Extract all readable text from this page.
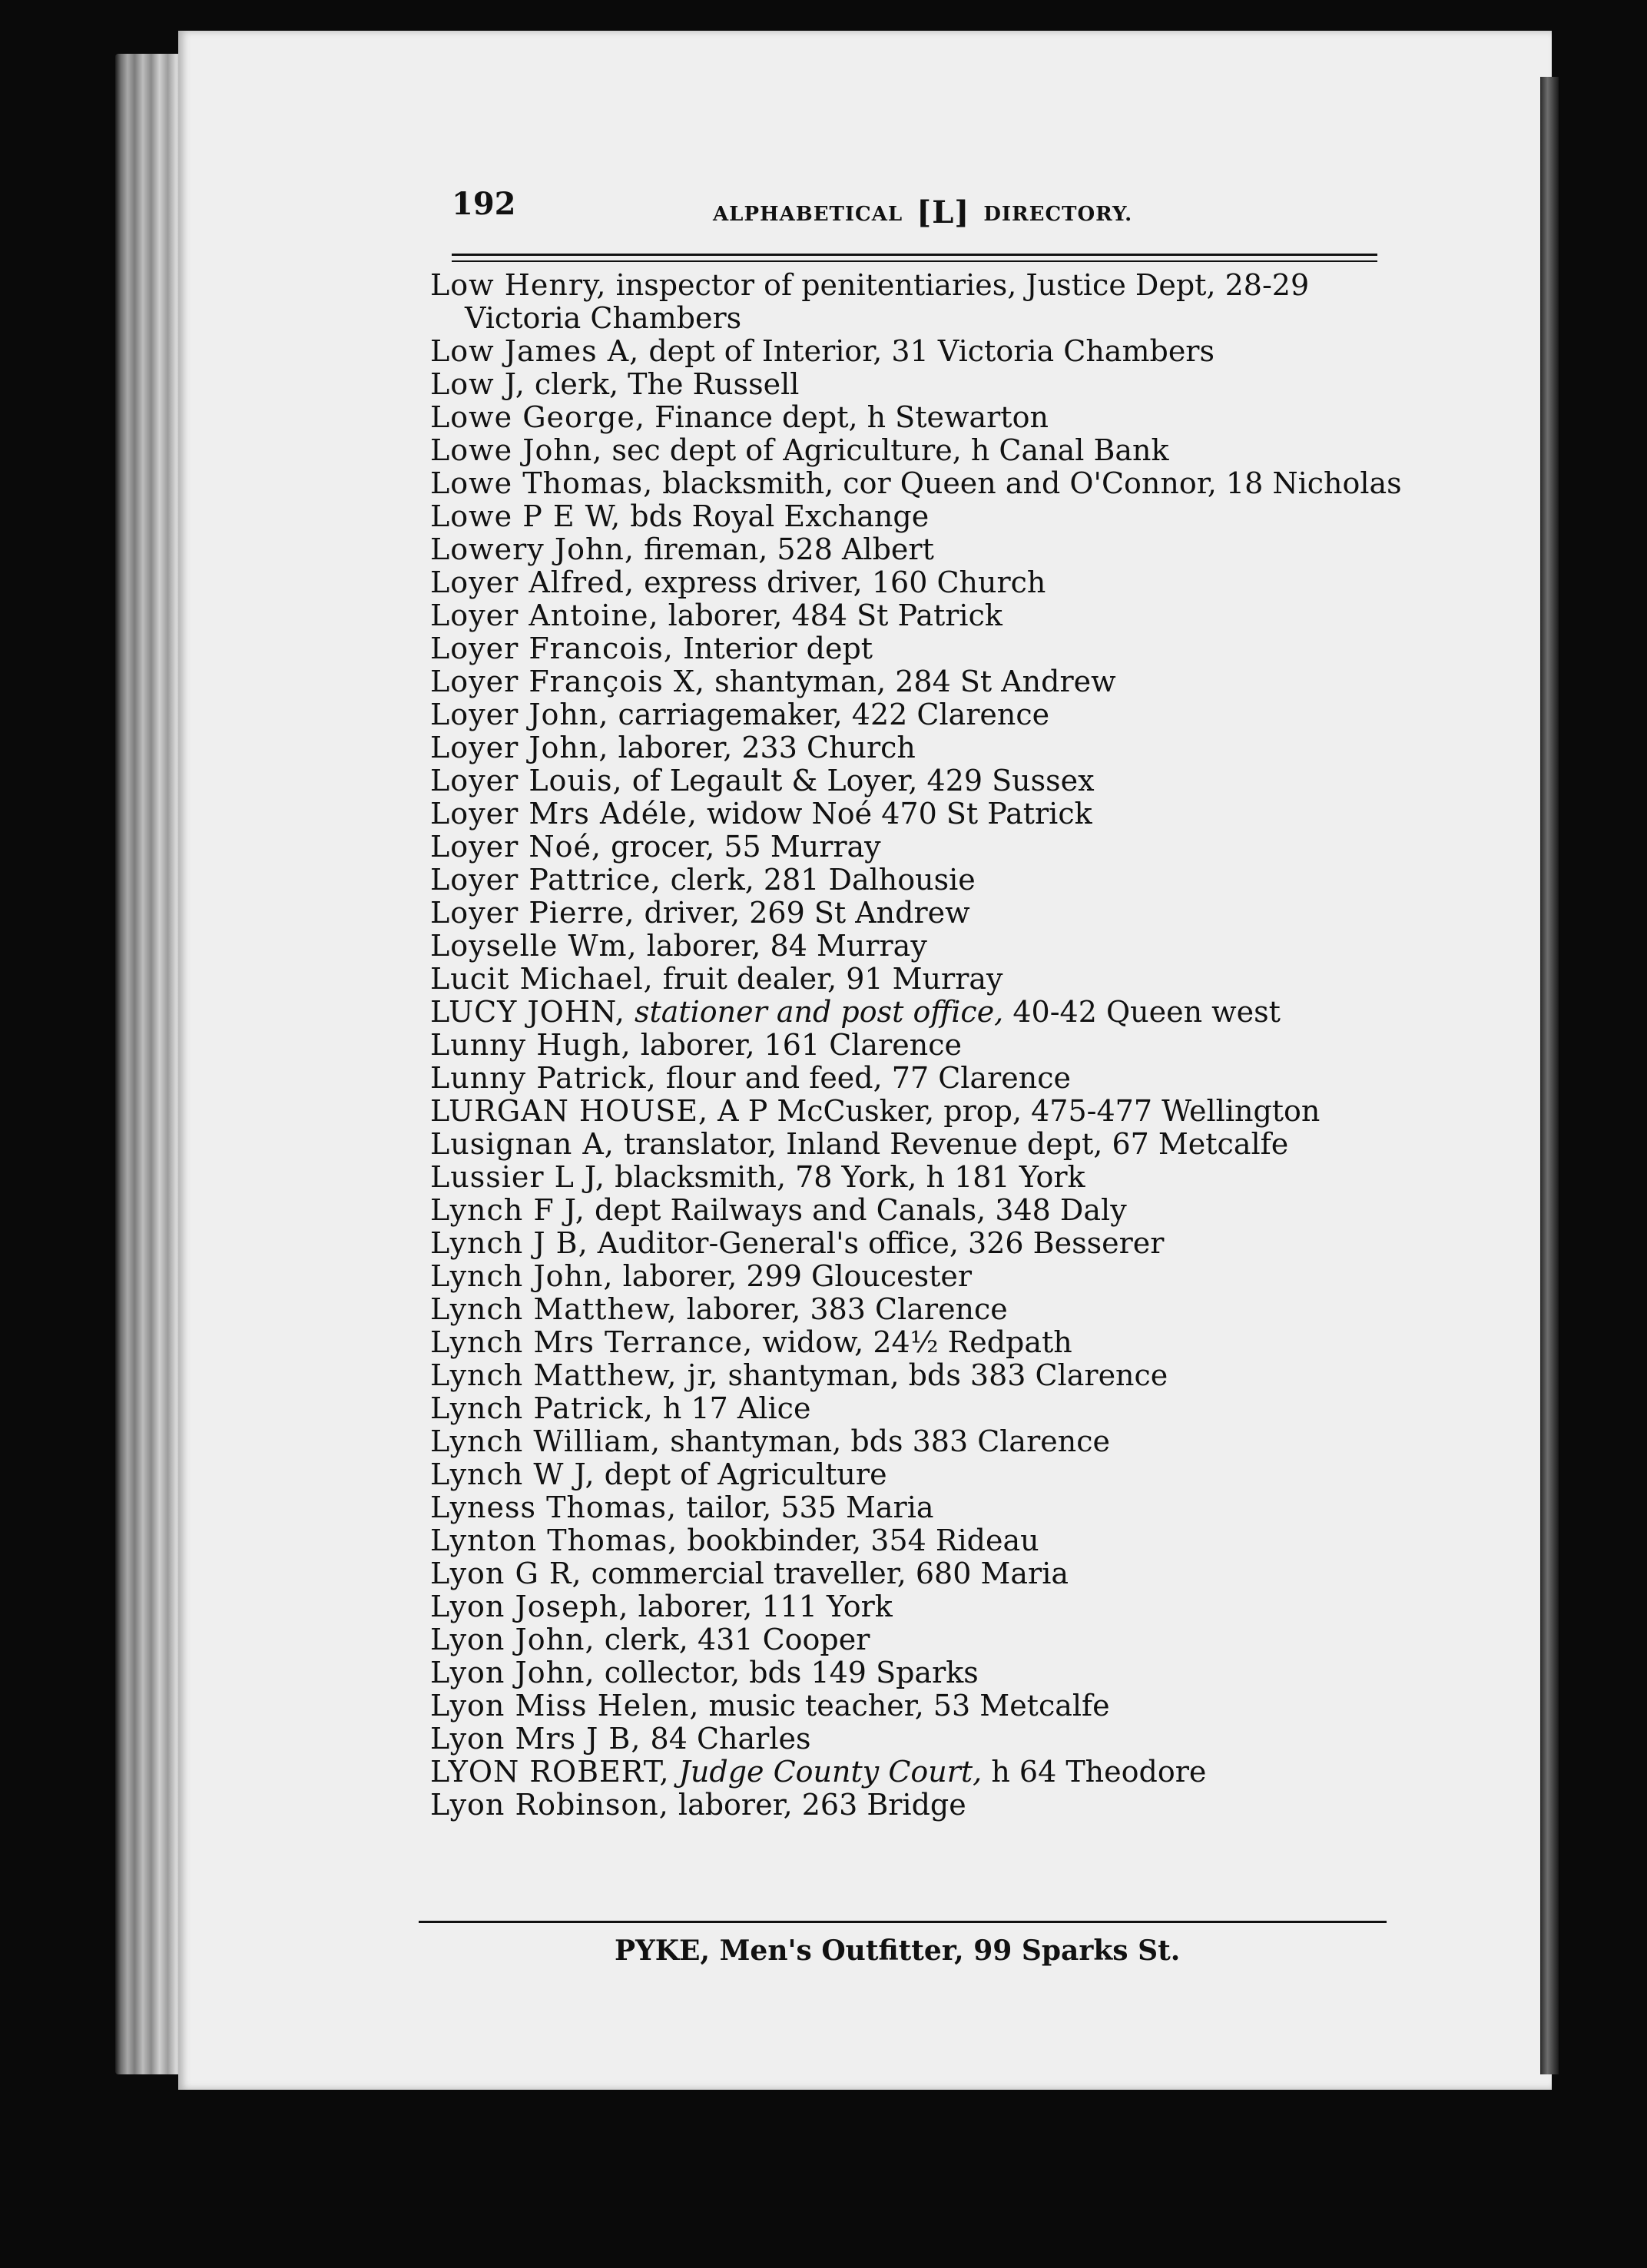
192	ALPHABETICAL [L] DIRECTORY.
Low Henry, inspector of penitentiaries, Justice Dept, 28-29 Victoria Chambers
Low James A, dept of Interior, 31 Victoria Chambers
Low J, clerk, The Russell
Lowe George, Finance dept, h Stewarton
Lowe John, sec dept of Agriculture, h Canal Bank
Lowe Thomas, blacksmith, cor Queen and O'Connor, 18 Nicholas
Lowe P E W, bds Royal Exchange
Lowery John, fireman, 528 Albert
Loyer Alfred, express driver, 160 Church
Loyer Antoine, laborer, 484 St Patrick
Loyer Francois, Interior dept
Loyer François X, shantyman, 284 St Andrew
Loyer John, carriagemaker, 422 Clarence
Loyer John, laborer, 233 Church
Loyer Louis, of Legault & Loyer, 429 Sussex
Loyer Mrs Adéle, widow Noé 470 St Patrick
Loyer Noé, grocer, 55 Murray
Loyer Pattrice, clerk, 281 Dalhousie
Loyer Pierre, driver, 269 St Andrew
Loyselle Wm, laborer, 84 Murray
Lucit Michael, fruit dealer, 91 Murray
LUCY JOHN, stationer and post office, 40-42 Queen west
Lunny Hugh, laborer, 161 Clarence
Lunny Patrick, flour and feed, 77 Clarence
LURGAN HOUSE, A P McCusker, prop, 475-477 Wellington
Lusignan A, translator, Inland Revenue dept, 67 Metcalfe
Lussier L J, blacksmith, 78 York, h 181 York
Lynch F J, dept Railways and Canals, 348 Daly
Lynch J B, Auditor-General's office, 326 Besserer
Lynch John, laborer, 299 Gloucester
Lynch Matthew, laborer, 383 Clarence
Lynch Mrs Terrance, widow, 24½ Redpath
Lynch Matthew, jr, shantyman, bds 383 Clarence
Lynch Patrick, h 17 Alice
Lynch William, shantyman, bds 383 Clarence
Lynch W J, dept of Agriculture
Lyness Thomas, tailor, 535 Maria
Lynton Thomas, bookbinder, 354 Rideau
Lyon G R, commercial traveller, 680 Maria
Lyon Joseph, laborer, 111 York
Lyon John, clerk, 431 Cooper
Lyon John, collector, bds 149 Sparks
Lyon Miss Helen, music teacher, 53 Metcalfe
Lyon Mrs J B, 84 Charles
LYON ROBERT, Judge County Court, h 64 Theodore
Lyon Robinson, laborer, 263 Bridge
PYKE, Men's Outfitter, 99 Sparks St.
